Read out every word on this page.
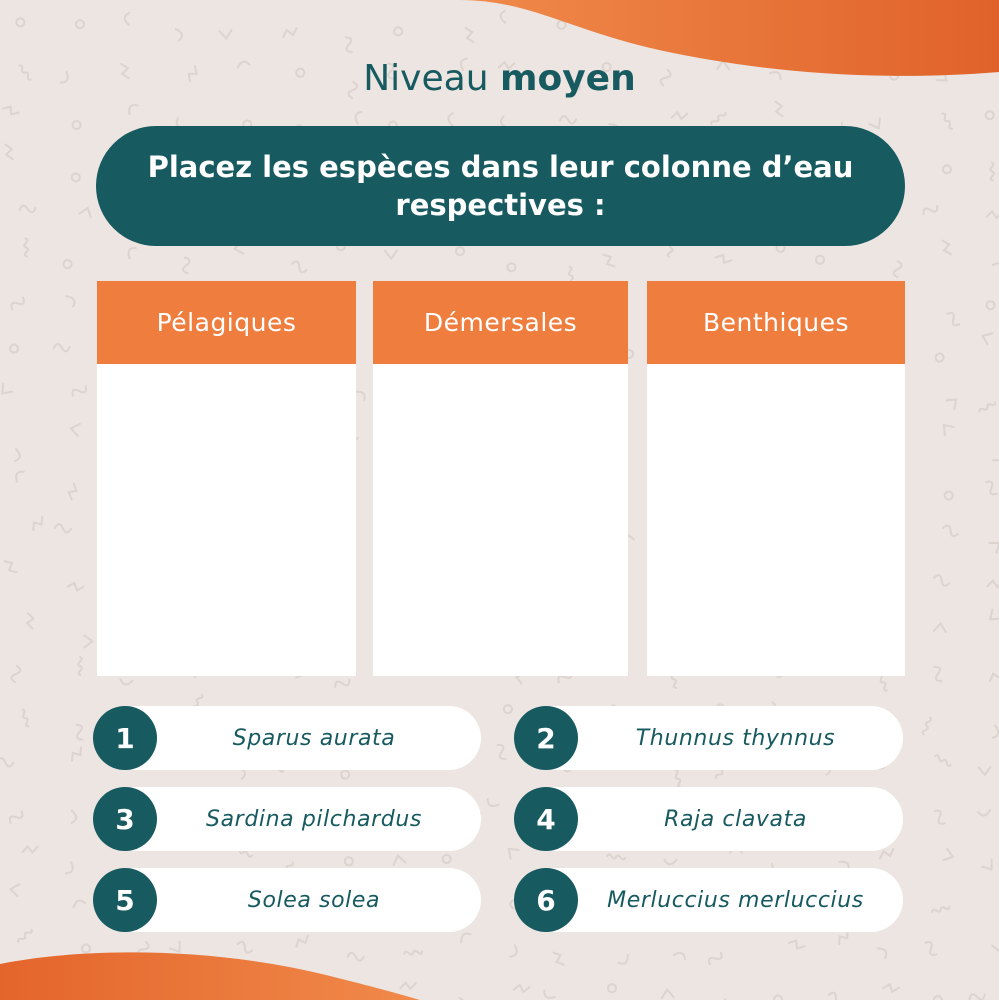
Niveau moyen
Placez les espèces dans leur colonne d’eau respectives :
Pélagiques	Démersales	Benthiques
1	Sparus aurata	2	Thunnus thynnus
3	Sardina pilchardus	4	Raja clavata
5	Solea solea	6	Merluccius merluccius
